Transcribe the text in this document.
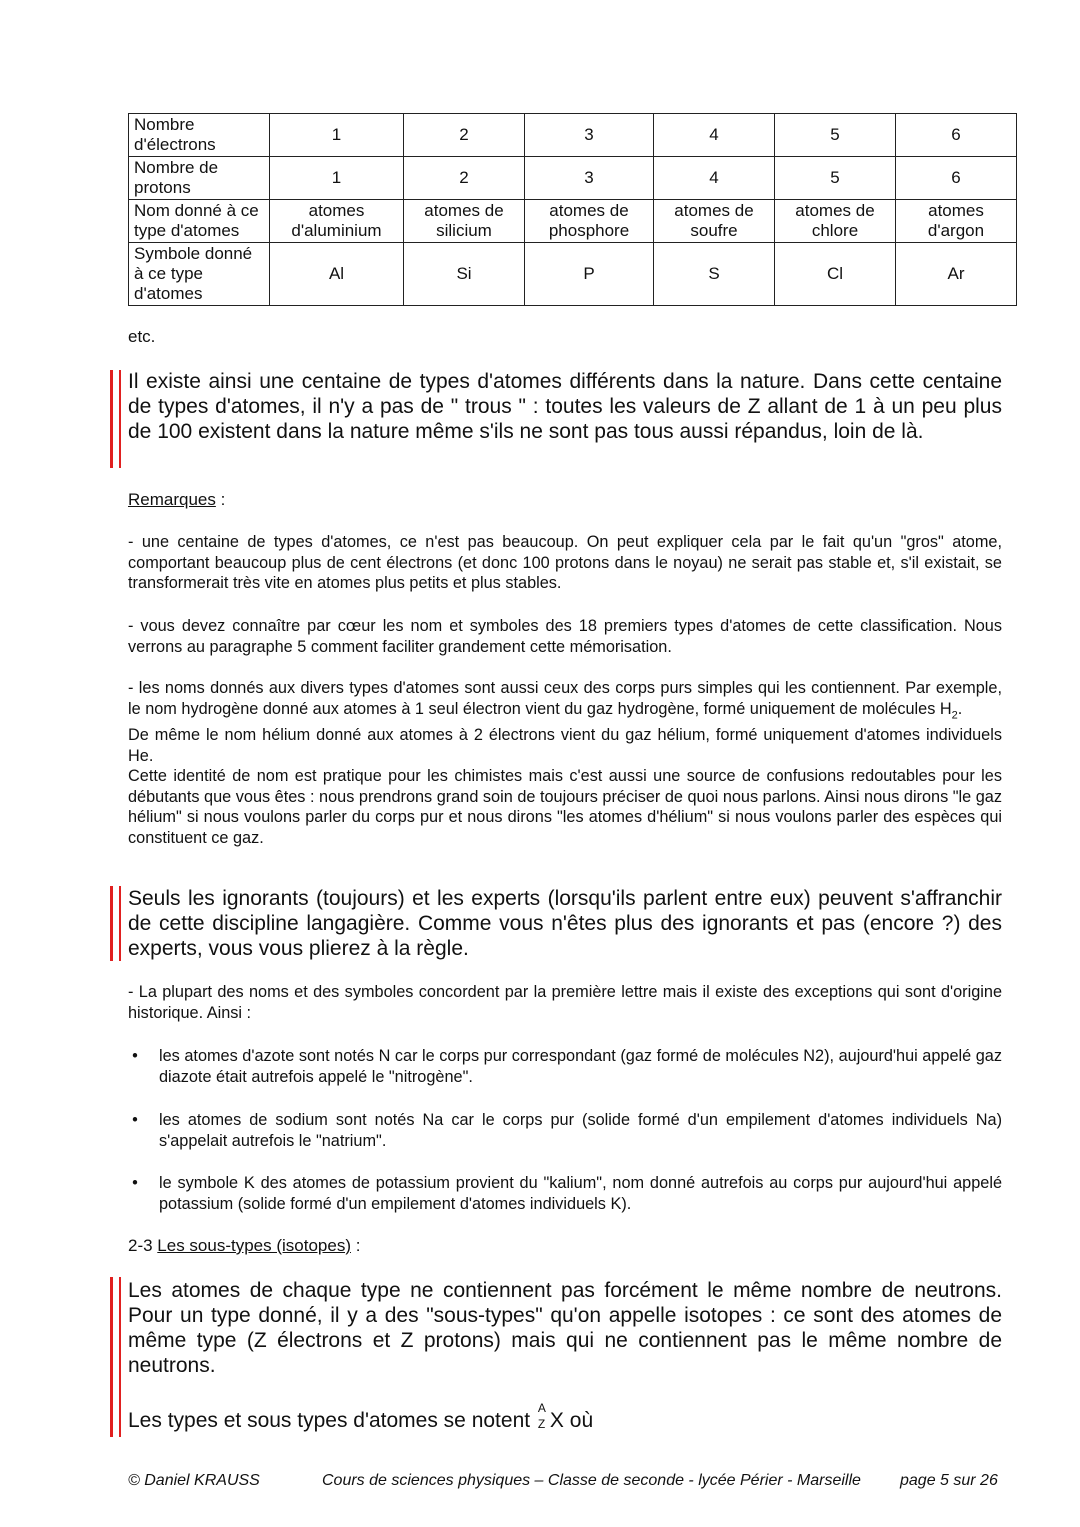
Nombre d'électrons	1	2	3	4	5	6
Nombre de protons	1	2	3	4	5	6
Nom donné à ce type d'atomes	atomes d'aluminium	atomes de silicium	atomes de phosphore	atomes de soufre	atomes de chlore	atomes d'argon
Symbole donné à ce type d'atomes	Al	Si	P	S	Cl	Ar
etc.
Il existe ainsi une centaine de types d'atomes différents dans la nature. Dans cette centaine de types d'atomes, il n'y a pas de " trous " : toutes les valeurs de Z allant de 1 à un peu plus de 100 existent dans la nature même s'ils ne sont pas tous aussi répandus, loin de là.
Remarques :
- une centaine de types d'atomes, ce n'est pas beaucoup. On peut expliquer cela par le fait qu'un "gros" atome, comportant beaucoup plus de cent électrons (et donc 100 protons dans le noyau) ne serait pas stable et, s'il existait, se transformerait très vite en atomes plus petits et plus stables.
- vous devez connaître par cœur les nom et symboles des 18 premiers types d'atomes de cette classification. Nous verrons au paragraphe 5 comment faciliter grandement cette mémorisation.
- les noms donnés aux divers types d'atomes sont aussi ceux des corps purs simples qui les contiennent. Par exemple, le nom hydrogène donné aux atomes à 1 seul électron vient du gaz hydrogène, formé uniquement de molécules $H_2$.
De même le nom hélium donné aux atomes à 2 électrons vient du gaz hélium, formé uniquement d'atomes individuels He.
Cette identité de nom est pratique pour les chimistes mais c'est aussi une source de confusions redoutables pour les débutants que vous êtes : nous prendrons grand soin de toujours préciser de quoi nous parlons. Ainsi nous dirons "le gaz hélium" si nous voulons parler du corps pur et nous dirons "les atomes d'hélium" si nous voulons parler des espèces qui constituent ce gaz.
Seuls les ignorants (toujours) et les experts (lorsqu'ils parlent entre eux) peuvent s'affranchir de cette discipline langagière. Comme vous n'êtes plus des ignorants et pas (encore ?) des experts, vous vous plierez à la règle.
- La plupart des noms et des symboles concordent par la première lettre mais il existe des exceptions qui sont d'origine historique. Ainsi :
• les atomes d'azote sont notés N car le corps pur correspondant (gaz formé de molécules N2), aujourd'hui appelé gaz diazote était autrefois appelé le "nitrogène".
• les atomes de sodium sont notés Na car le corps pur (solide formé d'un empilement d'atomes individuels Na) s'appelait autrefois le "natrium".
• le symbole K des atomes de potassium provient du "kalium", nom donné autrefois au corps pur aujourd'hui appelé potassium (solide formé d'un empilement d'atomes individuels K).
2-3 Les sous-types (isotopes) :
Les atomes de chaque type ne contiennent pas forcément le même nombre de neutrons. Pour un type donné, il y a des "sous-types" qu'on appelle isotopes : ce sont des atomes de même type (Z électrons et Z protons) mais qui ne contiennent pas le même nombre de neutrons.
Les types et sous types d'atomes se notent
A
Z X où
© Daniel KRAUSS	Cours de sciences physiques – Classe de seconde - lycée Périer - Marseille page 5 sur 26
